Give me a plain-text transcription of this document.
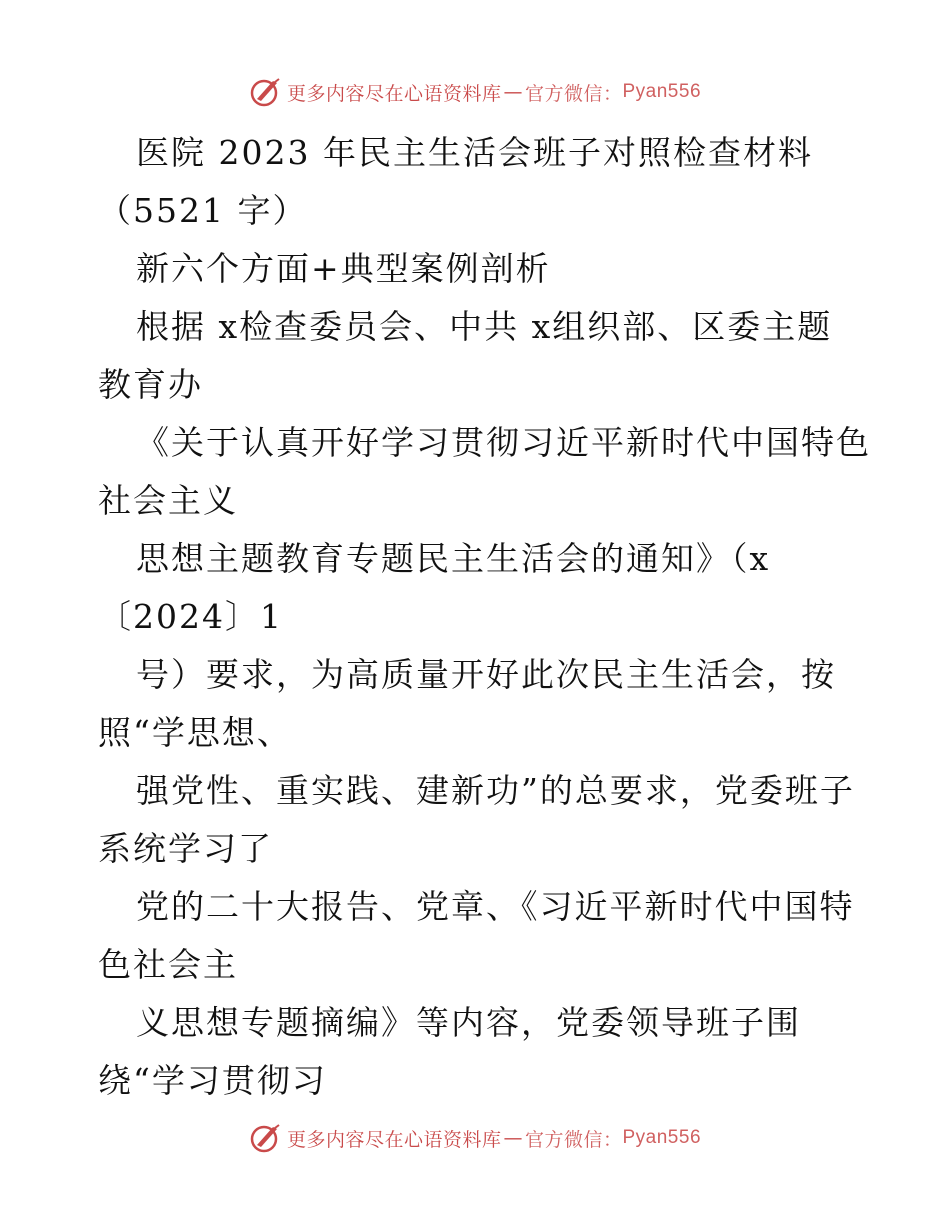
更多内容尽在心语资料库 — 官方微信： Pyan556
医院 2023 年民主生活会班子对照检查材料
（5521 字）
新六个方面+典型案例剖析
根据 x检查委员会、中共 x组织部、区委主题
教育办
《关于认真开好学习贯彻习近平新时代中国特色
社会主义
思想主题教育专题民主生活会的通知》（x
〔2024〕1
号）要求，为高质量开好此次民主生活会，按
照“学思想、
强党性、重实践、建新功”的总要求，党委班子
系统学习了
党的二十大报告、党章、《习近平新时代中国特
色社会主
义思想专题摘编》等内容，党委领导班子围
绕“学习贯彻习
更多内容尽在心语资料库 — 官方微信： Pyan556
